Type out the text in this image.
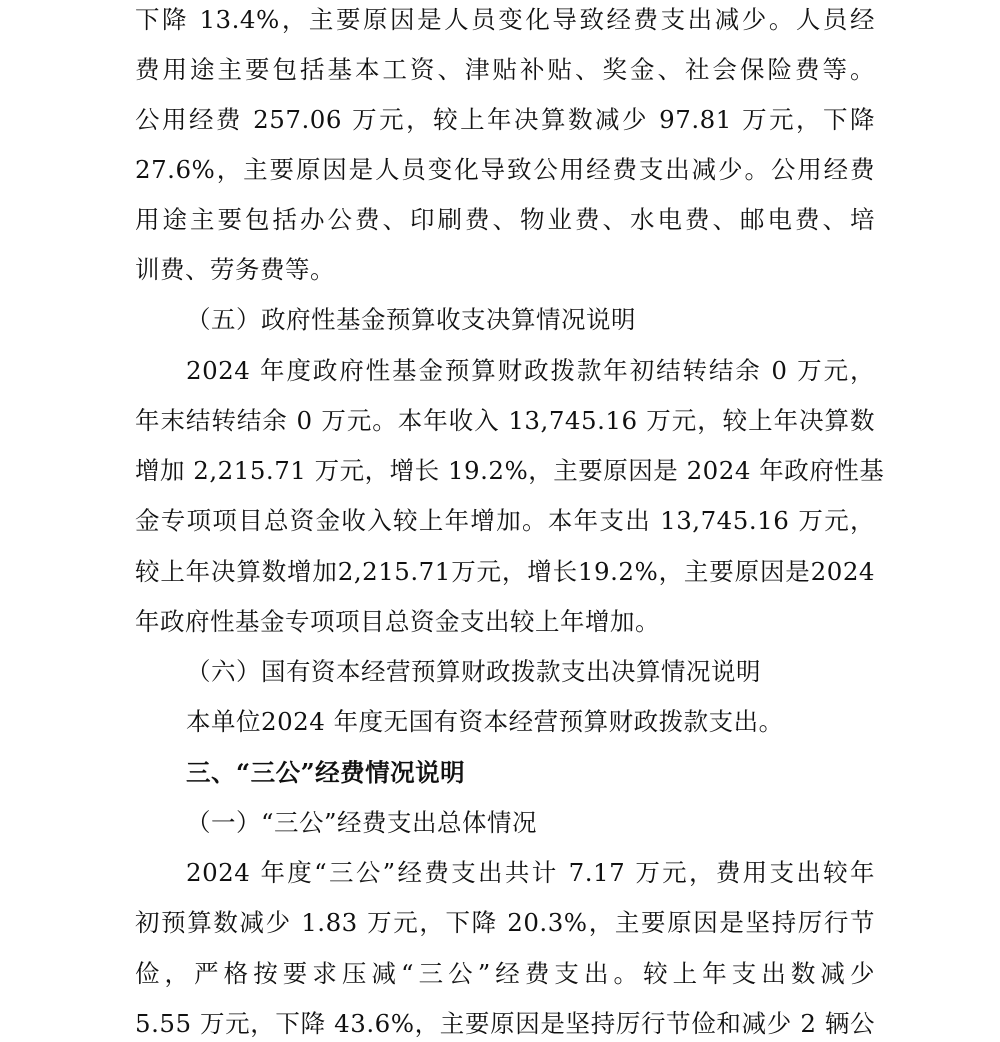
下降 13.4%，主要原因是人员变化导致经费支出减少。人员经
费用途主要包括基本工资、津贴补贴、奖金、社会保险费等。
公用经费 257.06 万元，较上年决算数减少 97.81 万元，下降
27.6%，主要原因是人员变化导致公用经费支出减少。公用经费
用途主要包括办公费、印刷费、物业费、水电费、邮电费、培
训费、劳务费等。
（五）政府性基金预算收支决算情况说明
2024 年度政府性基金预算财政拨款年初结转结余 0 万元，
年末结转结余 0 万元。本年收入 13,745.16 万元，较上年决算数
增加 2,215.71 万元，增长 19.2%，主要原因是 2024 年政府性基
金专项项目总资金收入较上年增加。本年支出 13,745.16 万元，
较上年决算数增加2,215.71万元，增长19.2%，主要原因是2024
年政府性基金专项项目总资金支出较上年增加。
（六）国有资本经营预算财政拨款支出决算情况说明
本单位2024 年度无国有资本经营预算财政拨款支出。
三、“三公”经费情况说明
（一）“三公”经费支出总体情况
2024 年度“三公”经费支出共计 7.17 万元，费用支出较年
初预算数减少 1.83 万元，下降 20.3%，主要原因是坚持厉行节
俭，严格按要求压减“三公”经费支出。较上年支出数减少
5.55 万元，下降 43.6%，主要原因是坚持厉行节俭和减少 2 辆公
